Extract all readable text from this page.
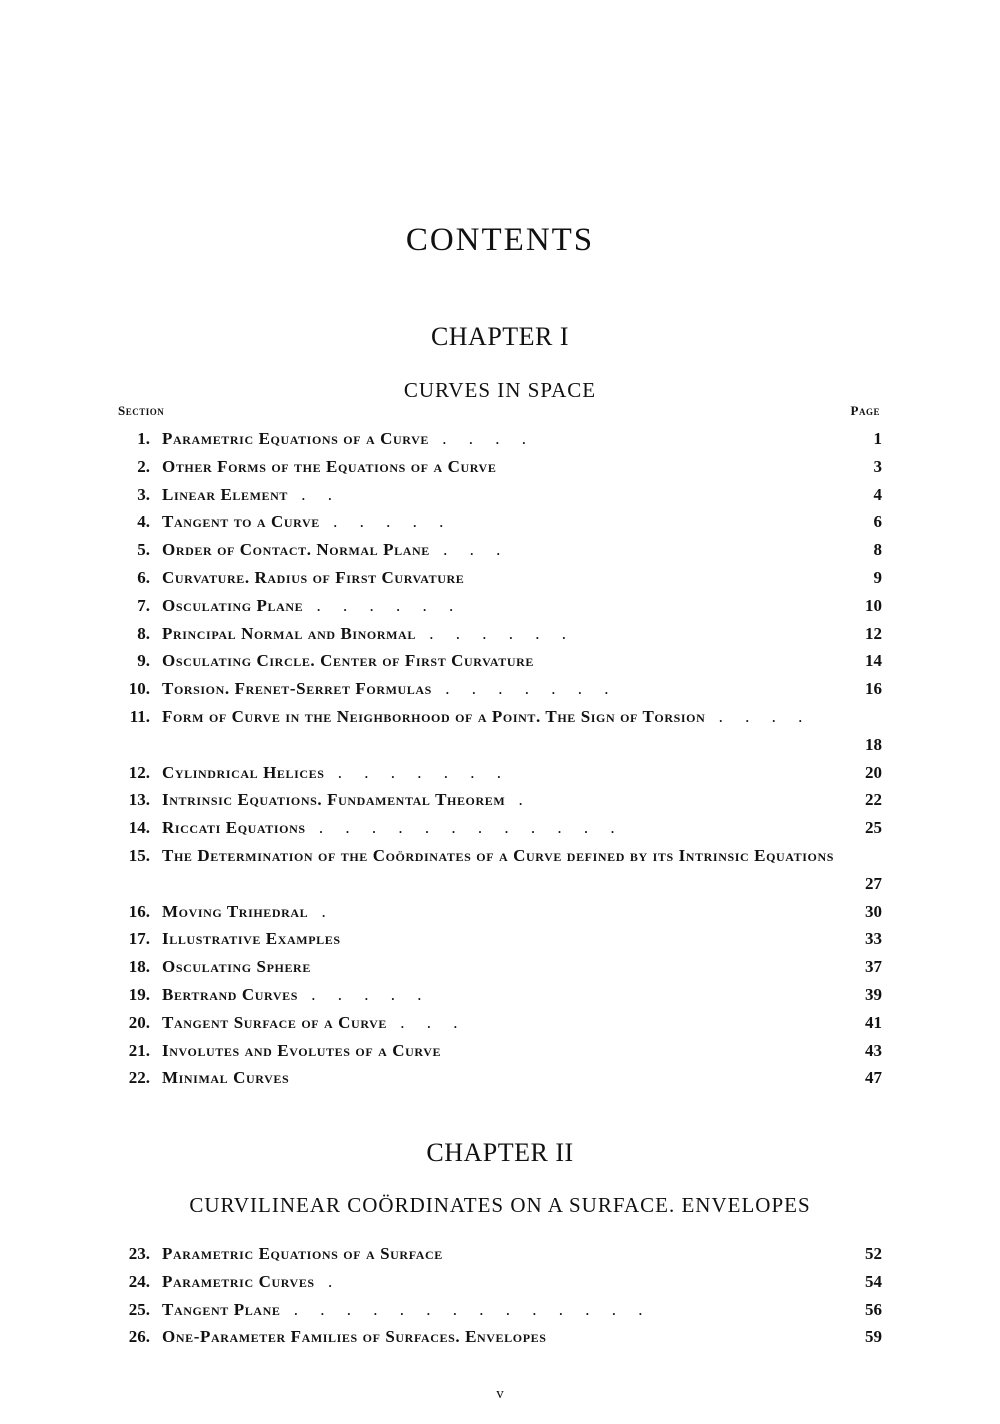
CONTENTS
CHAPTER I
CURVES IN SPACE
Section	Page
1. Parametric Equations of a Curve . . . .	1
2. Other Forms of the Equations of a Curve	3
3. Linear Element . .	4
4. Tangent to a Curve . . . . .	6
5. Order of Contact. Normal Plane . . .	8
6. Curvature. Radius of First Curvature	9
7. Osculating Plane . . . . . .	10
8. Principal Normal and Binormal . . . . . .	12
9. Osculating Circle. Center of First Curvature	14
10. Torsion. Frenet-Serret Formulas . . . . . . .	16
11. Form of Curve in the Neighborhood of a Point. The Sign of Torsion . . . .
18
12. Cylindrical Helices . . . . . . .	20
13. Intrinsic Equations. Fundamental Theorem .	22
14. Riccati Equations . . . . . . . . . . . .	25
15. The Determination of the Coördinates of a Curve defined by its Intrinsic Equations
27
16. Moving Trihedral .	30
17. Illustrative Examples	33
18. Osculating Sphere	37
19. Bertrand Curves . . . . .	39
20. Tangent Surface of a Curve . . .	41
21. Involutes and Evolutes of a Curve	43
22. Minimal Curves	47
CHAPTER II
CURVILINEAR COÖRDINATES ON A SURFACE. ENVELOPES
23. Parametric Equations of a Surface	52
24. Parametric Curves .	54
25. Tangent Plane . . . . . . . . . . . . . .	56
26. One-Parameter Families of Surfaces. Envelopes	59
v
